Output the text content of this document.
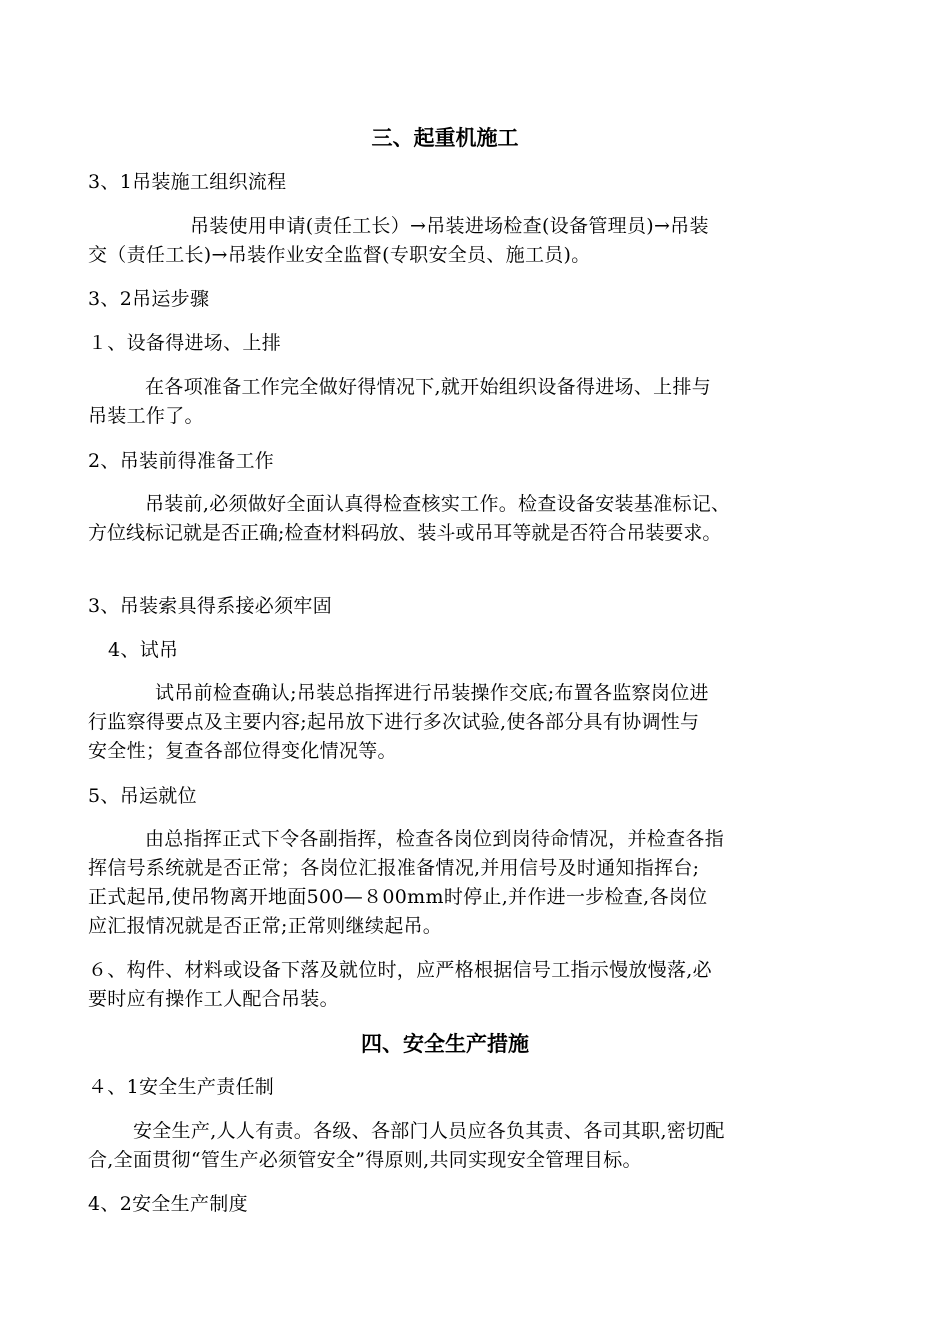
三、起重机施工
3、1吊装施工组织流程
吊装使用申请(责任工长）→吊装进场检查(设备管理员)→吊装
交（责任工长)→吊装作业安全监督(专职安全员、施工员)。
3、2吊运步骤
１、设备得进场、上排
在各项准备工作完全做好得情况下,就开始组织设备得进场、上排与
吊装工作了。
2、吊装前得准备工作
吊装前,必须做好全面认真得检查核实工作。检查设备安装基准标记、
方位线标记就是否正确;检查材料码放、装斗或吊耳等就是否符合吊装要求。
3、吊装索具得系接必须牢固
4、试吊
试吊前检查确认;吊装总指挥进行吊装操作交底;布置各监察岗位进
行监察得要点及主要内容;起吊放下进行多次试验,使各部分具有协调性与
安全性；复查各部位得变化情况等。
5、吊运就位
由总指挥正式下令各副指挥，检查各岗位到岗待命情况，并检查各指
挥信号系统就是否正常；各岗位汇报准备情况,并用信号及时通知指挥台;
正式起吊,使吊物离开地面500—８00mm时停止,并作进一步检查,各岗位
应汇报情况就是否正常;正常则继续起吊。
６、构件、材料或设备下落及就位时，应严格根据信号工指示慢放慢落,必
要时应有操作工人配合吊装。
四、安全生产措施
４、1安全生产责任制
安全生产,人人有责。各级、各部门人员应各负其责、各司其职,密切配
合,全面贯彻“管生产必须管安全”得原则,共同实现安全管理目标。
4、2安全生产制度
